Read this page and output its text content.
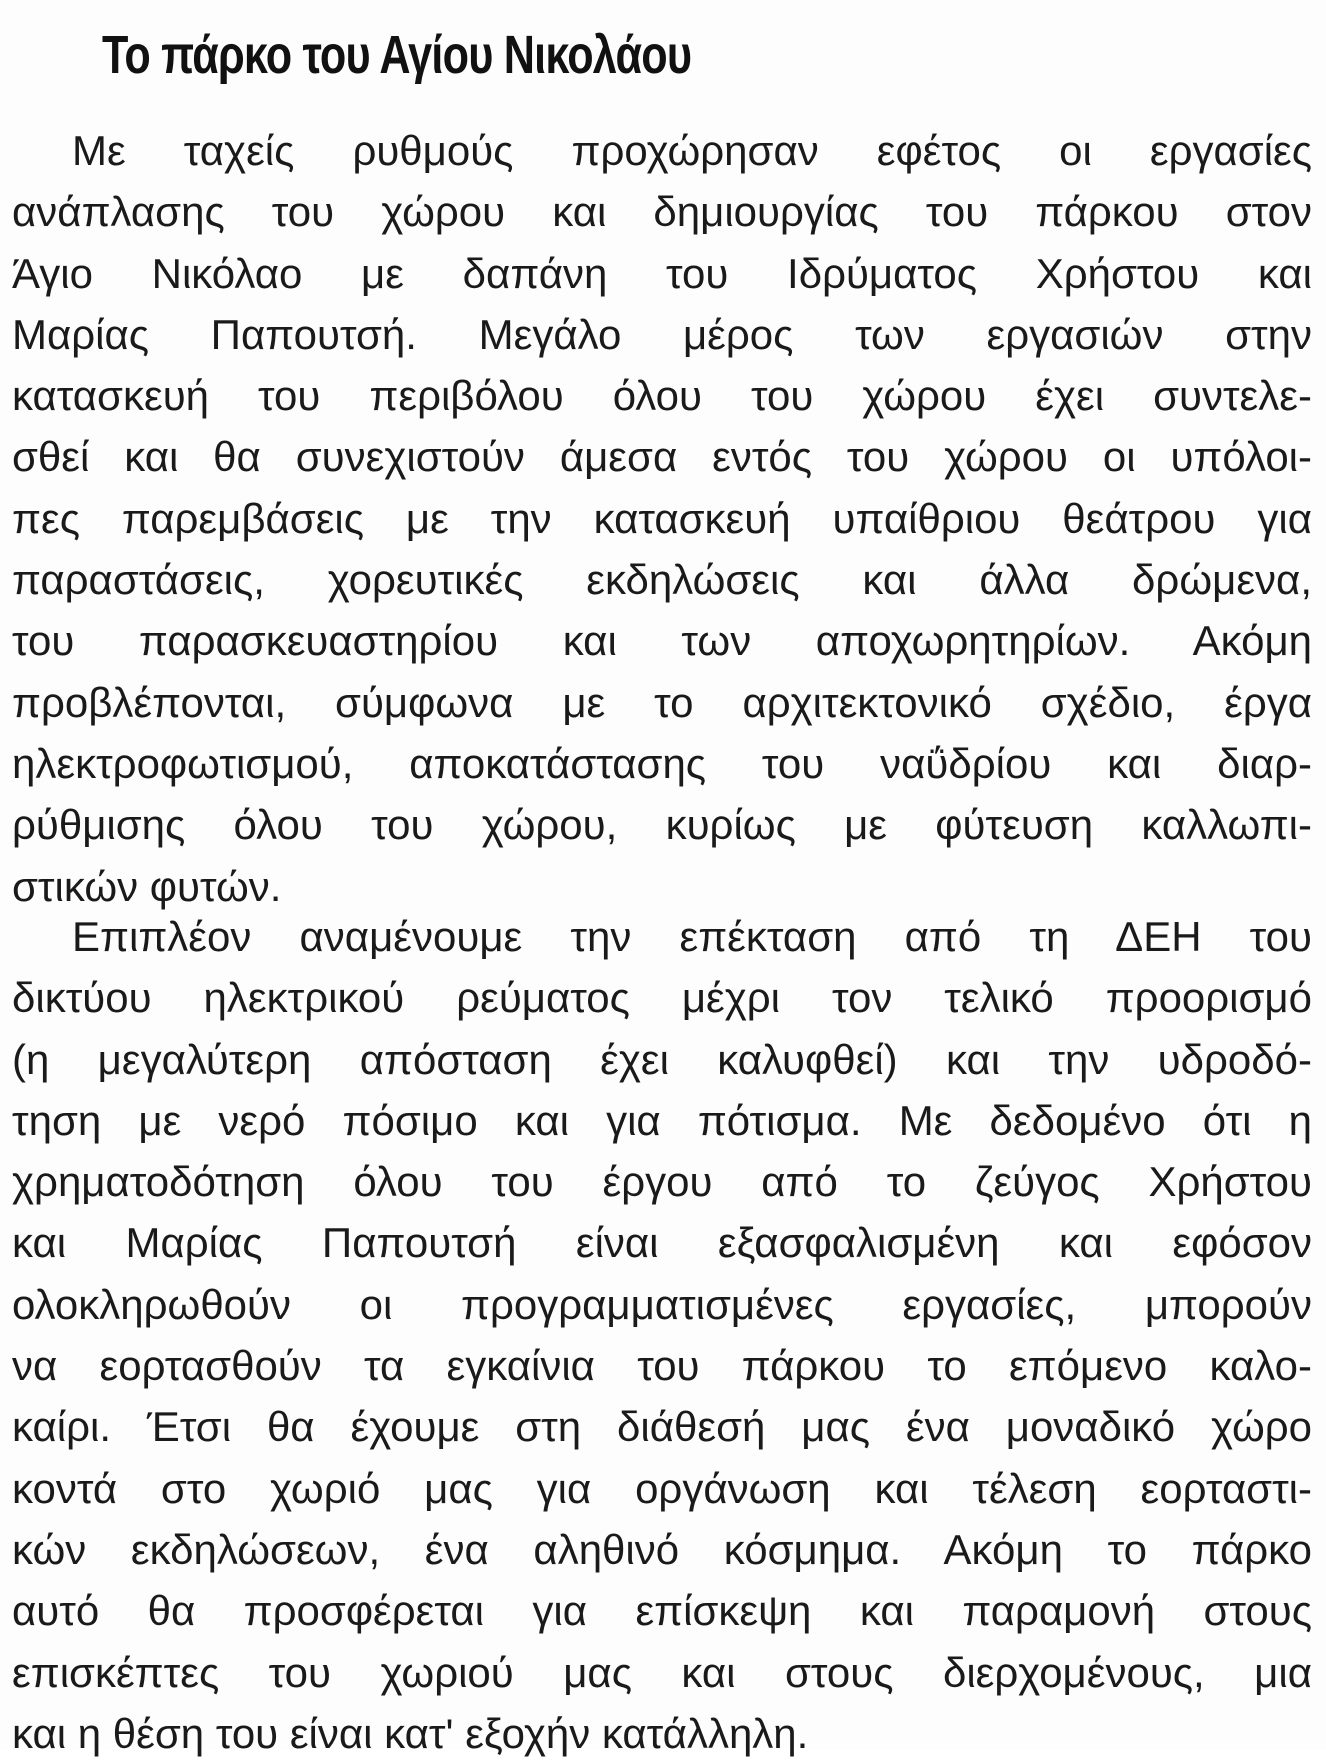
Το πάρκο του Αγίου Νικολάου
Με ταχείς ρυθμούς προχώρησαν εφέτος οι εργασίες
ανάπλασης του χώρου και δημιουργίας του πάρκου στον
Άγιο Νικόλαο με δαπάνη του Ιδρύματος Χρήστου και
Μαρίας Παπουτσή. Μεγάλο μέρος των εργασιών στην
κατασκευή του περιβόλου όλου του χώρου έχει συντελε-
σθεί και θα συνεχιστούν άμεσα εντός του χώρου οι υπόλοι-
πες παρεμβάσεις με την κατασκευή υπαίθριου θεάτρου για
παραστάσεις, χορευτικές εκδηλώσεις και άλλα δρώμενα,
του παρασκευαστηρίου και των αποχωρητηρίων. Ακόμη
προβλέπονται, σύμφωνα με το αρχιτεκτονικό σχέδιο, έργα
ηλεκτροφωτισμού, αποκατάστασης του ναΰδρίου και διαρ-
ρύθμισης όλου του χώρου, κυρίως με φύτευση καλλωπι-
στικών φυτών.
Επιπλέον αναμένουμε την επέκταση από τη ΔΕΗ του
δικτύου ηλεκτρικού ρεύματος μέχρι τον τελικό προορισμό
(η μεγαλύτερη απόσταση έχει καλυφθεί) και την υδροδό-
τηση με νερό πόσιμο και για πότισμα. Με δεδομένο ότι η
χρηματοδότηση όλου του έργου από το ζεύγος Χρήστου
και Μαρίας Παπουτσή είναι εξασφαλισμένη και εφόσον
ολοκληρωθούν οι προγραμματισμένες εργασίες, μπορούν
να εορτασθούν τα εγκαίνια του πάρκου το επόμενο καλο-
καίρι. Έτσι θα έχουμε στη διάθεσή μας ένα μοναδικό χώρο
κοντά στο χωριό μας για οργάνωση και τέλεση εορταστι-
κών εκδηλώσεων, ένα αληθινό κόσμημα. Ακόμη το πάρκο
αυτό θα προσφέρεται για επίσκεψη και παραμονή στους
επισκέπτες του χωριού μας και στους διερχομένους, μια
και η θέση του είναι κατ' εξοχήν κατάλληλη.
